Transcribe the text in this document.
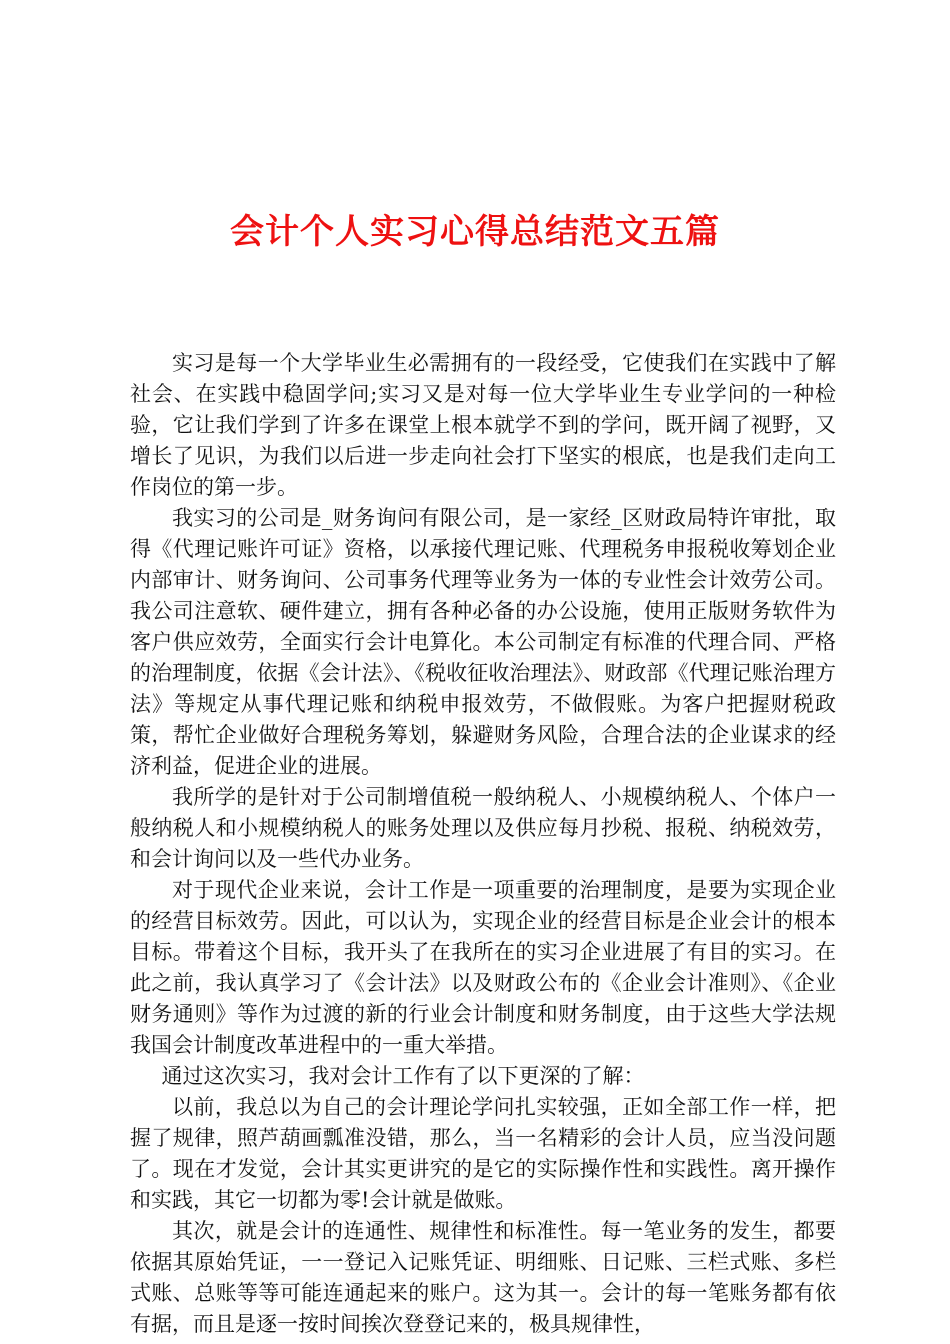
会计个人实习心得总结范文五篇

实习是每一个大学毕业生必需拥有的一段经受，它使我们在实践中了解社会、在实践中稳固学问;实习又是对每一位大学毕业生专业学问的一种检验，它让我们学到了许多在课堂上根本就学不到的学问，既开阔了视野，又增长了见识，为我们以后进一步走向社会打下坚实的根底，也是我们走向工作岗位的第一步。

我实习的公司是_财务询问有限公司，是一家经_区财政局特许审批，取得《代理记账许可证》资格，以承接代理记账、代理税务申报税收筹划企业内部审计、财务询问、公司事务代理等业务为一体的专业性会计效劳公司。我公司注意软、硬件建立，拥有各种必备的办公设施，使用正版财务软件为客户供应效劳，全面实行会计电算化。本公司制定有标准的代理合同、严格的治理制度，依据《会计法》、《税收征收治理法》、财政部《代理记账治理方法》等规定从事代理记账和纳税申报效劳，不做假账。为客户把握财税政策，帮忙企业做好合理税务筹划，躲避财务风险，合理合法的企业谋求的经济利益，促进企业的进展。

我所学的是针对于公司制增值税一般纳税人、小规模纳税人、个体户一般纳税人和小规模纳税人的账务处理以及供应每月抄税、报税、纳税效劳，和会计询问以及一些代办业务。

对于现代企业来说，会计工作是一项重要的治理制度，是要为实现企业的经营目标效劳。因此，可以认为，实现企业的经营目标是企业会计的根本目标。带着这个目标，我开头了在我所在的实习企业进展了有目的实习。在此之前，我认真学习了《会计法》以及财政公布的《企业会计准则》、《企业财务通则》等作为过渡的新的行业会计制度和财务制度，由于这些大学法规我国会计制度改革进程中的一重大举措。

通过这次实习，我对会计工作有了以下更深的了解：

以前，我总以为自己的会计理论学问扎实较强，正如全部工作一样，把握了规律，照芦葫画瓢准没错，那么，当一名精彩的会计人员，应当没问题了。现在才发觉，会计其实更讲究的是它的实际操作性和实践性。离开操作和实践，其它一切都为零!会计就是做账。

其次，就是会计的连通性、规律性和标准性。每一笔业务的发生，都要依据其原始凭证，一一登记入记账凭证、明细账、日记账、三栏式账、多栏式账、总账等等可能连通起来的账户。这为其一。会计的每一笔账务都有依有据，而且是逐一按时间挨次登登记来的，极具规律性，
